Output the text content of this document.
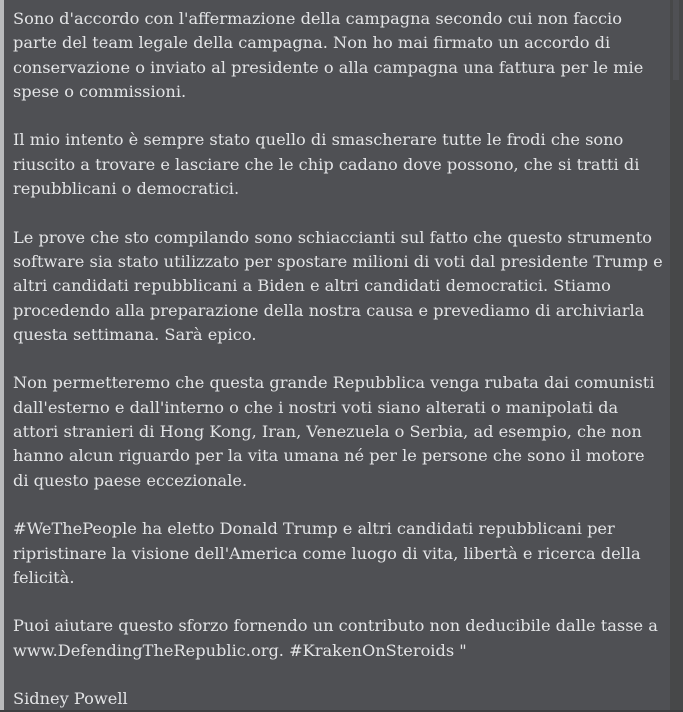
Sono d'accordo con l'affermazione della campagna secondo cui non faccio parte del team legale della campagna. Non ho mai firmato un accordo di conservazione o inviato al presidente o alla campagna una fattura per le mie spese o commissioni.

Il mio intento è sempre stato quello di smascherare tutte le frodi che sono riuscito a trovare e lasciare che le chip cadano dove possono, che si tratti di repubblicani o democratici.

Le prove che sto compilando sono schiaccianti sul fatto che questo strumento software sia stato utilizzato per spostare milioni di voti dal presidente Trump e altri candidati repubblicani a Biden e altri candidati democratici. Stiamo procedendo alla preparazione della nostra causa e prevediamo di archiviarla questa settimana. Sarà epico.

Non permetteremo che questa grande Repubblica venga rubata dai comunisti dall'esterno e dall'interno o che i nostri voti siano alterati o manipolati da attori stranieri di Hong Kong, Iran, Venezuela o Serbia, ad esempio, che non hanno alcun riguardo per la vita umana né per le persone che sono il motore di questo paese eccezionale.

#WeThePeople ha eletto Donald Trump e altri candidati repubblicani per ripristinare la visione dell'America come luogo di vita, libertà e ricerca della felicità.

Puoi aiutare questo sforzo fornendo un contributo non deducibile dalle tasse a www.DefendingTheRepublic.org. #KrakenOnSteroids "

Sidney Powell
